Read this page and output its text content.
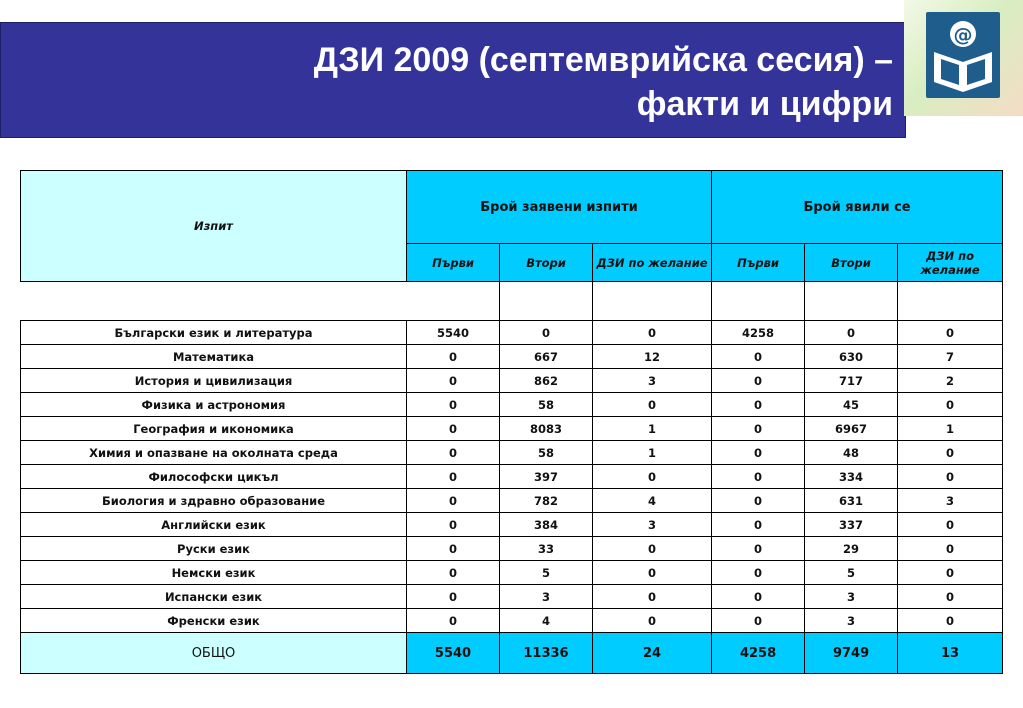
ДЗИ 2009 (септемврийска сесия) –
факти и цифри
@
Изпит	Брой заявени изпити			Брой явили се		
	Първи	Втори	ДЗИ по желание	Първи	Втори	ДЗИ по желание

Български език и литература	5540	0	0	4258	0	0
Математика	0	667	12	0	630	7
История и цивилизация	0	862	3	0	717	2
Физика и астрономия	0	58	0	0	45	0
География и икономика	0	8083	1	0	6967	1
Химия и опазване на околната среда	0	58	1	0	48	0
Философски цикъл	0	397	0	0	334	0
Биология и здравно образование	0	782	4	0	631	3
Английски език	0	384	3	0	337	0
Руски език	0	33	0	0	29	0
Немски език	0	5	0	0	5	0
Испански език	0	3	0	0	3	0
Френски език	0	4	0	0	3	0
ОБЩО	5540	11336	24	4258	9749	13
